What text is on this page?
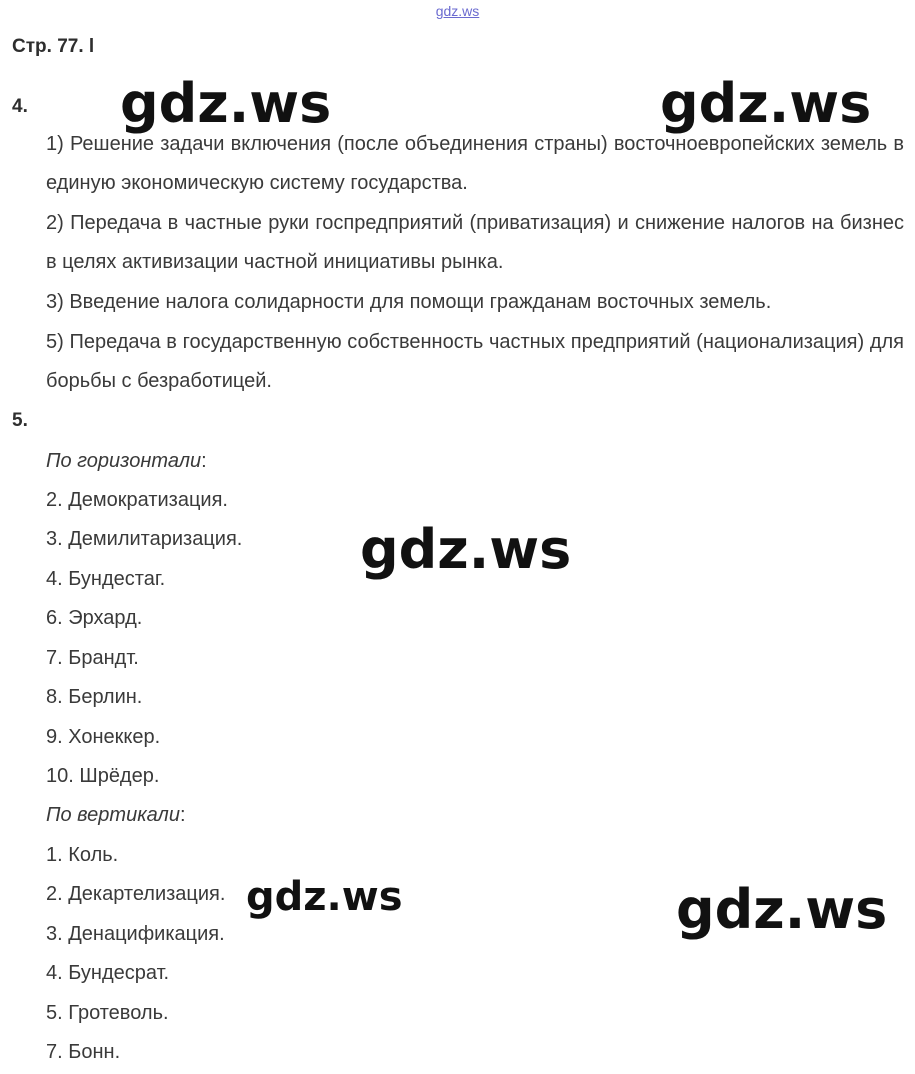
gdz.ws
Стр. 77. l
4.
1) Решение задачи включения (после объединения страны) восточноевропейских земель в единую экономическую систему государства.
2) Передача в частные руки госпредприятий (приватизация) и снижение налогов на бизнес в целях активизации частной инициативы рынка.
3) Введение налога солидарности для помощи гражданам восточных земель.
5) Передача в государственную собственность частных предприятий (национализация) для борьбы с безработицей.
5.
По горизонтали:
2. Демократизация.
3. Демилитаризация.
4. Бундестаг.
6. Эрхард.
7. Брандт.
8. Берлин.
9. Хонеккер.
10. Шрёдер.
По вертикали:
1. Коль.
2. Декартелизация.
3. Денацификация.
4. Бундесрат.
5. Гротеволь.
7. Бонн.
gdz.ws	gdz.ws
gdz.ws
gdz.ws	gdz.ws
